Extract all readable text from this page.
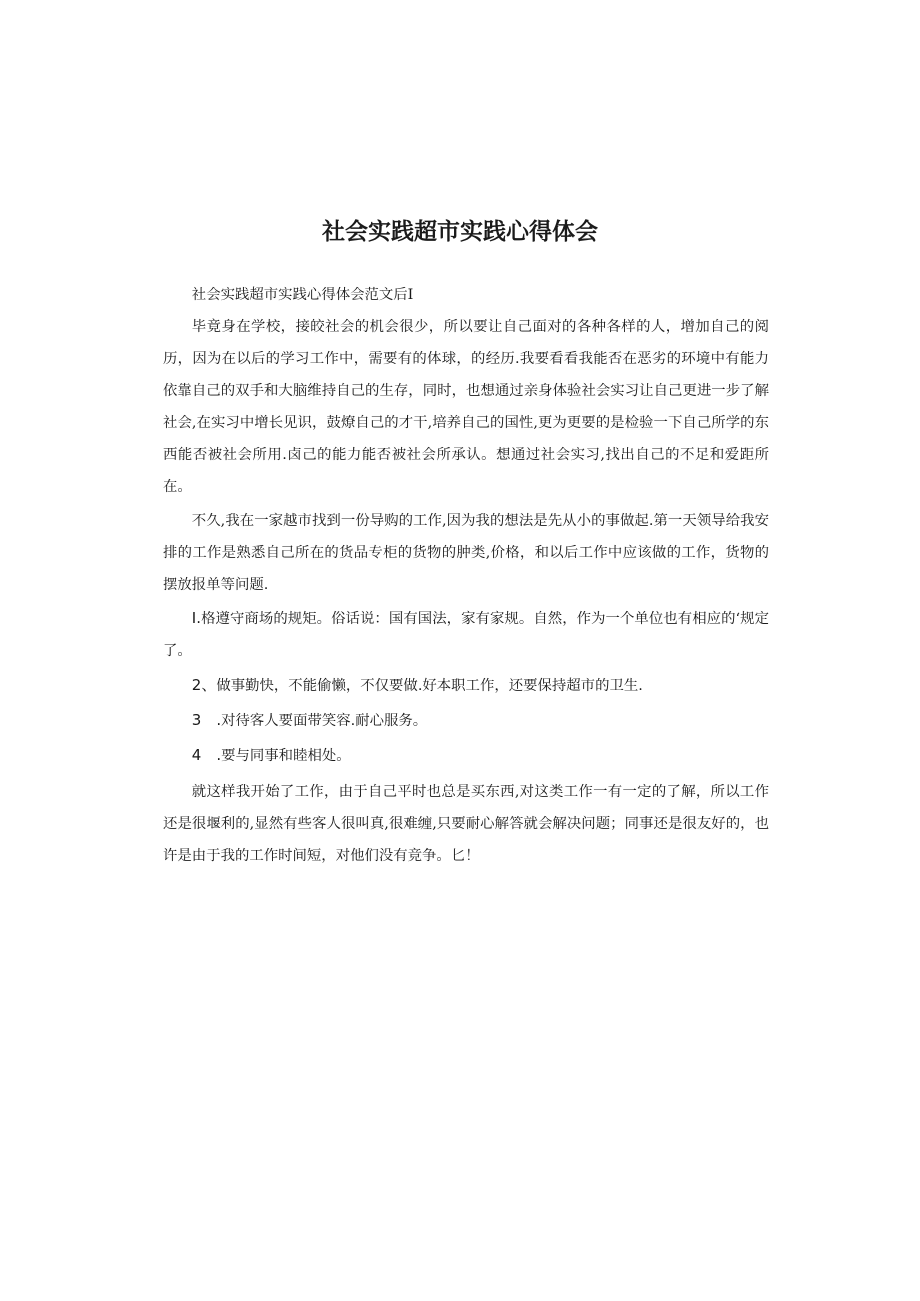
社会实践超市实践心得体会

社会实践超市实践心得体会范文后Ⅰ

毕竟身在学校，接皎社会的机会很少，所以要让自己面对的各种各样的人，增加自己的阅历，因为在以后的学习工作中，需要有的体球，的经历.我要看看我能否在恶劣的环境中有能力依靠自己的双手和大脑维持自己的生存，同时，也想通过亲身体验社会实习让自己更进一步了解社会,在实习中增长见识，鼓燎自己的才干,培养自己的国性,更为更要的是检验一下自己所学的东西能否被社会所用.卤己的能力能否被社会所承认。想通过社会实习,找出自己的不足和爱距所在。

不久,我在一家越市找到一份导购的工作,因为我的想法是先从小的事做起.第一天领导给我安排的工作是熟悉自己所在的货品专柜的货物的肿类,价格，和以后工作中应该做的工作，货物的摆放报单等问题.

Ⅰ.格遵守商场的规矩。俗话说：国有国法，家有家规。自然，作为一个单位也有相应的‘规定了。

2、做事勤快，不能偷懒，不仅要做.好本职工作，还要保持超市的卫生.

3　.对待客人要面带笑容.耐心服务。

4　.要与同事和睦相处。

就这样我开始了工作，由于自己平时也总是买东西,对这类工作一有一定的了解，所以工作还是很堰利的,显然有些客人很叫真,很难缠,只要耐心解答就会解决问题；同事还是很友好的，也许是由于我的工作时间短，对他们没有竞争。匕！
